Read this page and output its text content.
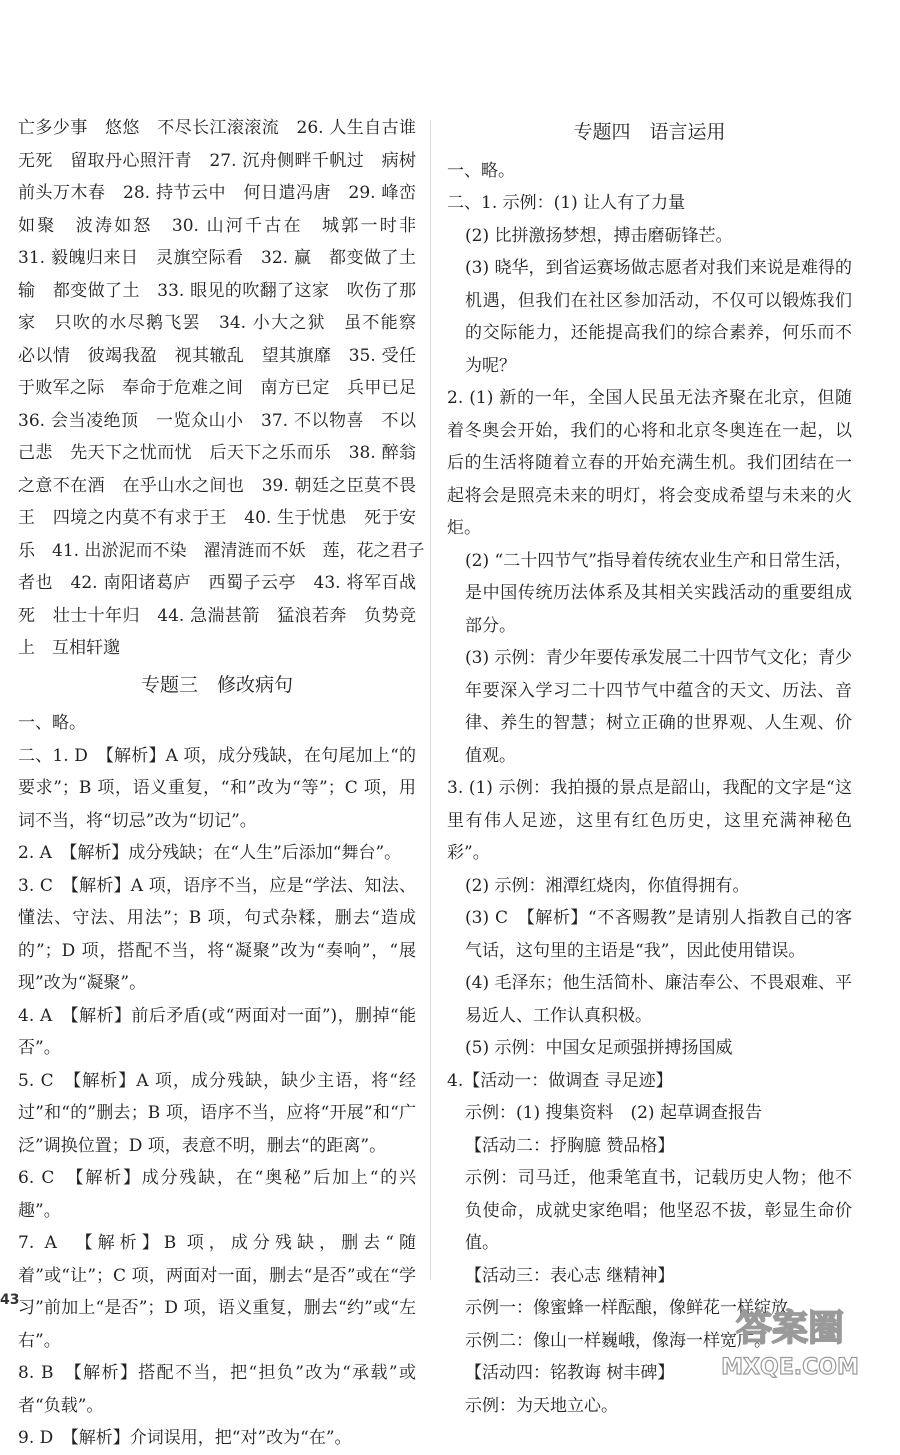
亡多少事　悠悠　不尽长江滚滚流　26. 人生自古谁
无死　留取丹心照汗青　27. 沉舟侧畔千帆过　病树
前头万木春　28. 持节云中　何日遣冯唐　29. 峰峦
如聚　波涛如怒　30. 山河千古在　城郭一时非
31. 毅魄归来日　灵旗空际看　32. 赢　都变做了土
输　都变做了土　33. 眼见的吹翻了这家　吹伤了那
家　只吹的水尽鹅飞罢　34. 小大之狱　虽不能察
必以情　彼竭我盈　视其辙乱　望其旗靡　35. 受任
于败军之际　奉命于危难之间　南方已定　兵甲已足
36. 会当凌绝顶　一览众山小　37. 不以物喜　不以
己悲　先天下之忧而忧　后天下之乐而乐　38. 醉翁
之意不在酒　在乎山水之间也　39. 朝廷之臣莫不畏
王　四境之内莫不有求于王　40. 生于忧患　死于安
乐　41. 出淤泥而不染　濯清涟而不妖　莲，花之君子
者也　42. 南阳诸葛庐　西蜀子云亭　43. 将军百战
死　壮士十年归　44. 急湍甚箭　猛浪若奔　负势竞
上　互相轩邈
专题三　修改病句
一、略。
二、1. D　【解析】A 项，成分残缺，在句尾加上“的要求”；B 项，语义重复，“和”改为“等”；C 项，用词不当，将“切忌”改为“切记”。
2. A　【解析】成分残缺；在“人生”后添加“舞台”。
3. C　【解析】A 项，语序不当，应是“学法、知法、懂法、守法、用法”；B 项，句式杂糅，删去“造成的”；D 项，搭配不当，将“凝聚”改为“奏响”，“展现”改为“凝聚”。
4. A　【解析】前后矛盾(或“两面对一面”)，删掉“能否”。
5. C　【解析】A 项，成分残缺，缺少主语，将“经过”和“的”删去；B 项，语序不当，应将“开展”和“广泛”调换位置；D 项，表意不明，删去“的距离”。
6. C　【解析】成分残缺，在“奥秘”后加上“的兴趣”。
7. A　【解析】B 项，成分残缺，删去“随着”或“让”；C 项，两面对一面，删去“是否”或在“学习”前加上“是否”；D 项，语义重复，删去“约”或“左右”。
8. B　【解析】搭配不当，把“担负”改为“承载”或者“负载”。
9. D　【解析】介词误用，把“对”改为“在”。
专题四　语言运用
一、略。
二、1. 示例：(1) 让人有了力量
(2) 比拼激扬梦想，搏击磨砺锋芒。
(3) 晓华，到省运赛场做志愿者对我们来说是难得的机遇，但我们在社区参加活动，不仅可以锻炼我们的交际能力，还能提高我们的综合素养，何乐而不为呢？
2. (1) 新的一年，全国人民虽无法齐聚在北京，但随着冬奥会开始，我们的心将和北京冬奥连在一起，以后的生活将随着立春的开始充满生机。我们团结在一起将会是照亮未来的明灯，将会变成希望与未来的火炬。
(2) “二十四节气”指导着传统农业生产和日常生活，是中国传统历法体系及其相关实践活动的重要组成部分。
(3) 示例：青少年要传承发展二十四节气文化；青少年要深入学习二十四节气中蕴含的天文、历法、音律、养生的智慧；树立正确的世界观、人生观、价值观。
3. (1) 示例：我拍摄的景点是韶山，我配的文字是“这里有伟人足迹，这里有红色历史，这里充满神秘色彩”。
(2) 示例：湘潭红烧肉，你值得拥有。
(3) C　【解析】“不吝赐教”是请别人指教自己的客气话，这句里的主语是“我”，因此使用错误。
(4) 毛泽东；他生活简朴、廉洁奉公、不畏艰难、平易近人、工作认真积极。
(5) 示例：中国女足顽强拼搏扬国威
4.【活动一：做调查 寻足迹】
示例：(1) 搜集资料　(2) 起草调查报告
【活动二：抒胸臆 赞品格】
示例：司马迁，他秉笔直书，记载历史人物；他不负使命，成就史家绝唱；他坚忍不拔，彰显生命价值。
【活动三：表心志 继精神】
示例一：像蜜蜂一样酝酿，像鲜花一样绽放。
示例二：像山一样巍峨，像海一样宽广。
【活动四：铭教诲 树丰碑】
示例：为天地立心。
43
答案圈
MXQE.COM
